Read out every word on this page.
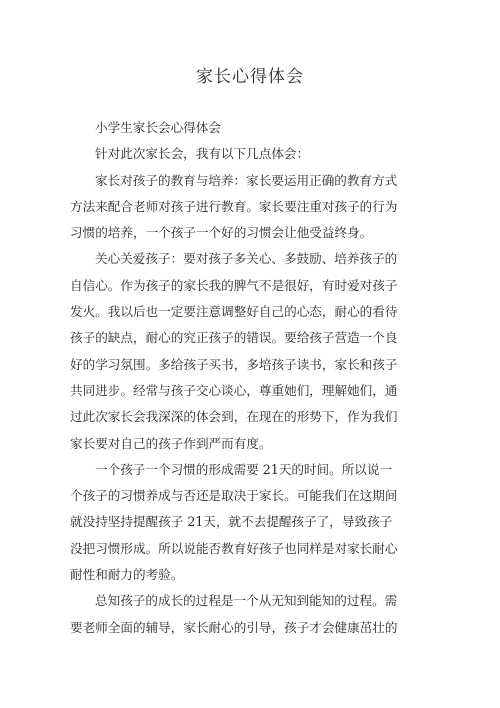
家长心得体会
小学生家长会心得体会
针对此次家长会，我有以下几点体会：
家长对孩子的教育与培养：家长要运用正确的教育方式
方法来配合老师对孩子进行教育。家长要注重对孩子的行为
习惯的培养，一个孩子一个好的习惯会让他受益终身。
关心关爱孩子：要对孩子多关心、多鼓励、培养孩子的
自信心。作为孩子的家长我的脾气不是很好，有时爱对孩子
发火。我以后也一定要注意调整好自己的心态，耐心的看待
孩子的缺点，耐心的究正孩子的错误。要给孩子营造一个良
好的学习氛围。多给孩子买书，多培孩子读书，家长和孩子
共同进步。经常与孩子交心谈心，尊重她们，理解她们，通
过此次家长会我深深的体会到，在现在的形势下，作为我们
家长要对自己的孩子作到严而有度。
一个孩子一个习惯的形成需要 21天的时间。所以说一
个孩子的习惯养成与否还是取决于家长。可能我们在这期间
就没持坚持提醒孩子 21天，就不去提醒孩子了，导致孩子
没把习惯形成。所以说能否教育好孩子也同样是对家长耐心
耐性和耐力的考验。
总知孩子的成长的过程是一个从无知到能知的过程。需
要老师全面的辅导，家长耐心的引导，孩子才会健康茁壮的
